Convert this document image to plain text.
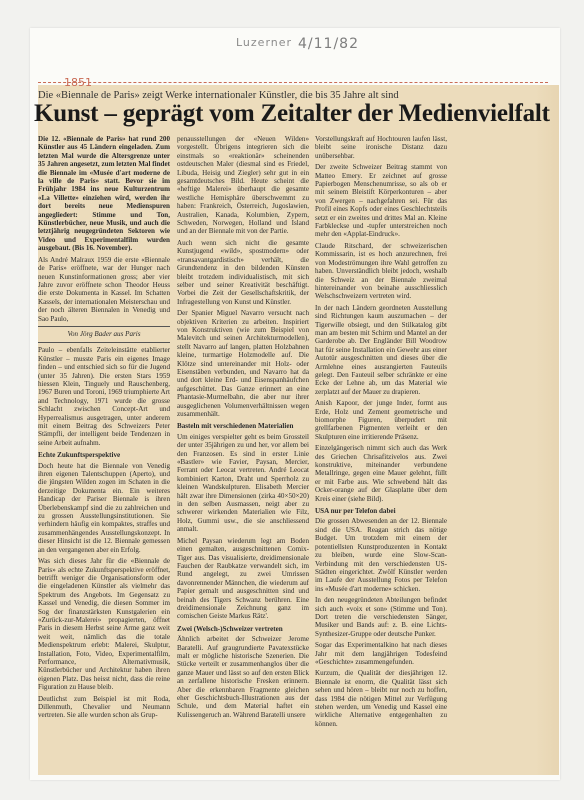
Luzerner 4/11/82
1851
Die «Biennale de Paris» zeigt Werke internationaler Künstler, die bis 35 Jahre alt sind
Kunst – geprägt vom Zeitalter der Medienvielfalt

Die 12. «Biennale de Paris» hat rund 200 Künstler aus 45 Ländern eingeladen. Zum letzten Mal wurde die Altersgrenze unter 35 Jahren angesetzt, zum letzten Mal findet die Biennale im «Musée d'art moderne de la ville de Paris» statt. Bevor sie im Frühjahr 1984 ins neue Kulturzentrum «La Villette» einziehen wird, werden ihr dort bereits neue Medienspuren angegliedert: Stimme und Ton, Künstlerbücher, neue Musik, und auch die letztjährig neugegründeten Sektoren wie Video und Experimentalfilm wurden ausgebaut. (Bis 16. November).

Als André Malraux 1959 die erste «Biennale de Paris» eröffnete, war der Hunger nach neuen Kunstinformationen gross; aber vier Jahre zuvor eröffnete schon Theodor Heuss die erste Dokumenta in Kassel. Im Schatten Kassels, der internationalen Meisterschau und der noch älteren Biennalen in Venedig und Sao Paulo,

Von Jörg Bader aus Paris

Paulo – ebenfalls Zeiteleinstätte etablierter Künstler – musste Paris ein eigenes Image finden – und entschied sich so für die Jugend (unter 35 Jahren). Die ersten Stars 1959 hiessen Klein, Tinguely und Rauschenberg, 1967 Buren und Toroni, 1969 triumphierte Art and Technology, 1971 wurde die grosse Schlacht zwischen Concept-Art und Hyperrealismus ausgetragen, unter anderem mit einem Beitrag des Schweizers Peter Stämpfli, der intelligent beide Tendenzen in seine Arbeit aufnahm.

Echte Zukunftsperspektive

Doch heute hat die Biennale von Venedig ihren eigenen Talentschuppen (Aperto), und die jüngsten Wilden zogen im Schaten in die derzeitige Dokumenta ein. Ein weiteres Handicap der Pariser Biennale is ihren Überlebenskampf sind die zu zahlreichen und zu grossen Ausstellungsinstitutionen. Sie verhindern häufig ein kompaktes, straffes und zusammenhängendes Ausstellungskonzept. In dieser Hinsicht ist die 12. Biennale gemessen an den vergangenen aber ein Erfolg.

Was sich dieses Jahr für die «Biennale de Paris» als echte Zukunftsperspektive eröffnet, betrifft weniger die Organisationsform oder die eingeladenen Künstler als vielmehr das Spektrum des Angebots. Im Gegensatz zu Kassel und Venedig, die diesen Sommer im Sog der finanzstärksten Kunstgalerien ein «Zurück-zur-Malerei» propagierten, öffnet Paris in diesem Herbst seine Arme ganz weit weit weit, nämlich das die totale Medienspektrum erlebt: Malerei, Skulptur, Installation, Foto, Video, Experimentalfilm, Performance, Alternativmusik, Künstlerbücher und Architektur haben ihren eigenen Platz. Das heisst nicht, dass die reine Figuration zu Hause bleib.

Deutlichst zum Beispiel ist mit Roda, Dillenmuth, Chevalier und Neumann vertreten. Sie alle wurden schon als Grup-

penausstellungen der «Neuen Wilden» vorgestellt. Übrigens integrieren sich die einstmals so «reaktionär» scheinenden ostdeutschen Maler (diesmal sind es Friedel, Libuda, Heisig und Ziegler) sehr gut in ein gesamtdeutsches Bild. Heute scheint die «heftige Malerei» überhaupt die gesamte westliche Hemisphäre überschwemmt zu haben: Frankreich, Österreich, Jugoslawien, Australien, Kanada, Kolumbien, Zypern, Schweden, Norwegen, Holland und Island und an der Biennale mit von der Partie.

Auch wenn sich nicht die gesamte Kunstjugend «wild», spostmodern» oder «transavantgardistisch» verhält, die Grundtendenz in den bildenden Künsten bleibt trotzdem individualistisch, mit sich selber und seiner Kreativität beschäftigt. Vorbei die Zeit der Gesellschaftskritik, der Infragestellung von Kunst und Künstler.

Der Spanier Miguel Navarro versucht nach objektiven Kriterien zu arbeiten. Inspiriert von Konstruktiven (wie zum Beispiel von Malevitch und seinen Architekturmodellen), stellt Navarro auf langen, platten Holzbahnen kleine, turmartige Holzmodelle auf. Die Klötze sind untereinander mit Holz- oder Eisenstäben verbunden, und Navarro hat da und dort kleine Erd- und Eisenspanhäufchen aufgeschüttet. Das Ganze erinnert an eine Phantasie-Murmelbahn, die aber nur ihrer ausgeglichenen Volumenverhältnissen wegen zusammenhält.

Basteln mit verschiedenen Materialien

Um einiges verspielter geht es beim Grossteil der unter 35jährigen zu und her, vor allem bei den Franzosen. Es sind in erster Linie «Bastler» wie Favier, Paysan, Mercier, Ferrant oder Leocat vertreten. André Leocat kombiniert Karton, Draht und Sperrholz zu kleinen Wandskulpturen. Elisabeth Mercier hält zwar ihre Dimensionen (zirka 40×50×20) in den selben Ausmassen, neigt aber zu schwerer wirkenden Materialien wie Filz, Holz, Gummi usw., die sie anschliessend anmalt.

Michel Paysan wiederum legt am Boden einen gemalten, ausgeschnittenen Comix-Tiger aus. Das visualisierte, dreidimensionale Fauchen der Raubkatze verwandelt sich, im Rund angelegt, zu zwei Umrissen davonrennender Männchen, die wiederum auf Papier gemalt und ausgeschnitten sind und beinah des Tigers Schwanz berühren. Eine dreidimensionale Zeichnung ganz im comischen Geiste Markus Rätz'.

Zwei (Welsch-)Schweizer vertreten

Ähnlich arbeitet der Schweizer Jerome Baratelli. Auf graugrundierte Pavatexstücke malt er mögliche historische Szenerien. Die Stücke verteilt er zusammenhanglos über die ganze Mauer und lässt so auf den ersten Blick an zerfallene historische Fresken erinnern. Aber die erkennbaren Fragmente gleichen eher Geschichtsbuch-Illustrationen aus der Schule, und dem Material haftet ein Kulissengeruch an. Während Baratelli unsere

Vorstellungskraft auf Hochtouren laufen lässt, bleibt seine ironische Distanz dazu unübersehbar.

Der zweite Schweizer Beitrag stammt von Matteo Emery. Er zeichnet auf grosse Papierbogen Menschenumrisse, so als ob er mit seinem Bleistift Körperkonturen – aber von Zwergen – nachgefahren sei. Für das Profil eines Kopfs oder eines Geschlechtsteils setzt er ein zweites und drittes Mal an. Kleine Farbkleckse und -tupfer unterstreichen noch mehr den «Applat-Eindruck».

Claude Ritschard, der schweizerischen Kommissarin, ist es hoch anzurechnen, frei von Modeströmungen ihre Wahl getroffen zu haben. Unverständlich bleibt jedoch, weshalb die Schweiz an der Biennale zweimal hintereinander von beinahe ausschliesslich Welschschweizern vertreten wird.

In der nach Ländern geordneten Ausstellung sind Richtungen kaum auszumachen – der Tigerwille obsiegt, und den Stilkatalog gibt man am besten mit Schirm und Mantel an der Garderobe ab. Der Engländer Bill Woodrow hat für seine Installation ein Gewehr aus einer Autotür ausgeschnitten und dieses über die Armlehne eines ausrangierten Fauteuils gelegt. Den Fauteuil selber schränkte er eine Ecke der Lehne ab, um das Material wie zerplatzt auf der Mauer zu drapieren.

Anish Kapoor, der junge Inder, formt aus Erde, Holz und Zement geometrische und biomorphe Figuren, überpudert mit grellfarbenen Pigmenten verleiht er den Skulpturen eine irritierende Präsenz.

Einzelgängerisch nimmt sich auch das Werk des Griechen Chrisafitzivelos aus. Zwei konstruktive, miteinander verbundene Metallringe, gegen eine Mauer gelehnt, füllt er mit Farbe aus. Wie schwebend hält das Ocker-orange auf der Glasplatte über dem Kreis einer (siehe Bild).

USA nur per Telefon dabei

Die grossen Abwesenden an der 12. Biennale sind die USA. Reagan strich das nötige Budget. Um trotzdem mit einem der potentiellsten Kunstproduzenten in Kontakt zu bleiben, wurde eine Slow-Scan-Verbindung mit den verschiedensten US-Städten eingerichtet. Zwölf Künstler werden im Laufe der Ausstellung Fotos per Telefon ins «Musée d'art moderne» schicken.

In den neugegründeten Abteilungen befindet sich auch «voix et son» (Stimme und Ton). Dort treten die verschiedensten Sänger, Musiker und Bands auf: z. B. eine Lichts-Synthesizer-Gruppe oder deutsche Punker.

Sogar das Experimentalkino hat nach dieses Jahr mit dem langjährigen Todesfeind «Geschichte» zusammengefunden.

Kurzum, die Qualität der diesjährigen 12. Biennale ist enorm, die Qualität lässt sich sehen und hören – bleibt nur noch zu hoffen, dass 1984 die nötigen Mittel zur Verfügung stehen werden, um Venedig und Kassel eine wirkliche Alternative entgegenhalten zu können.
